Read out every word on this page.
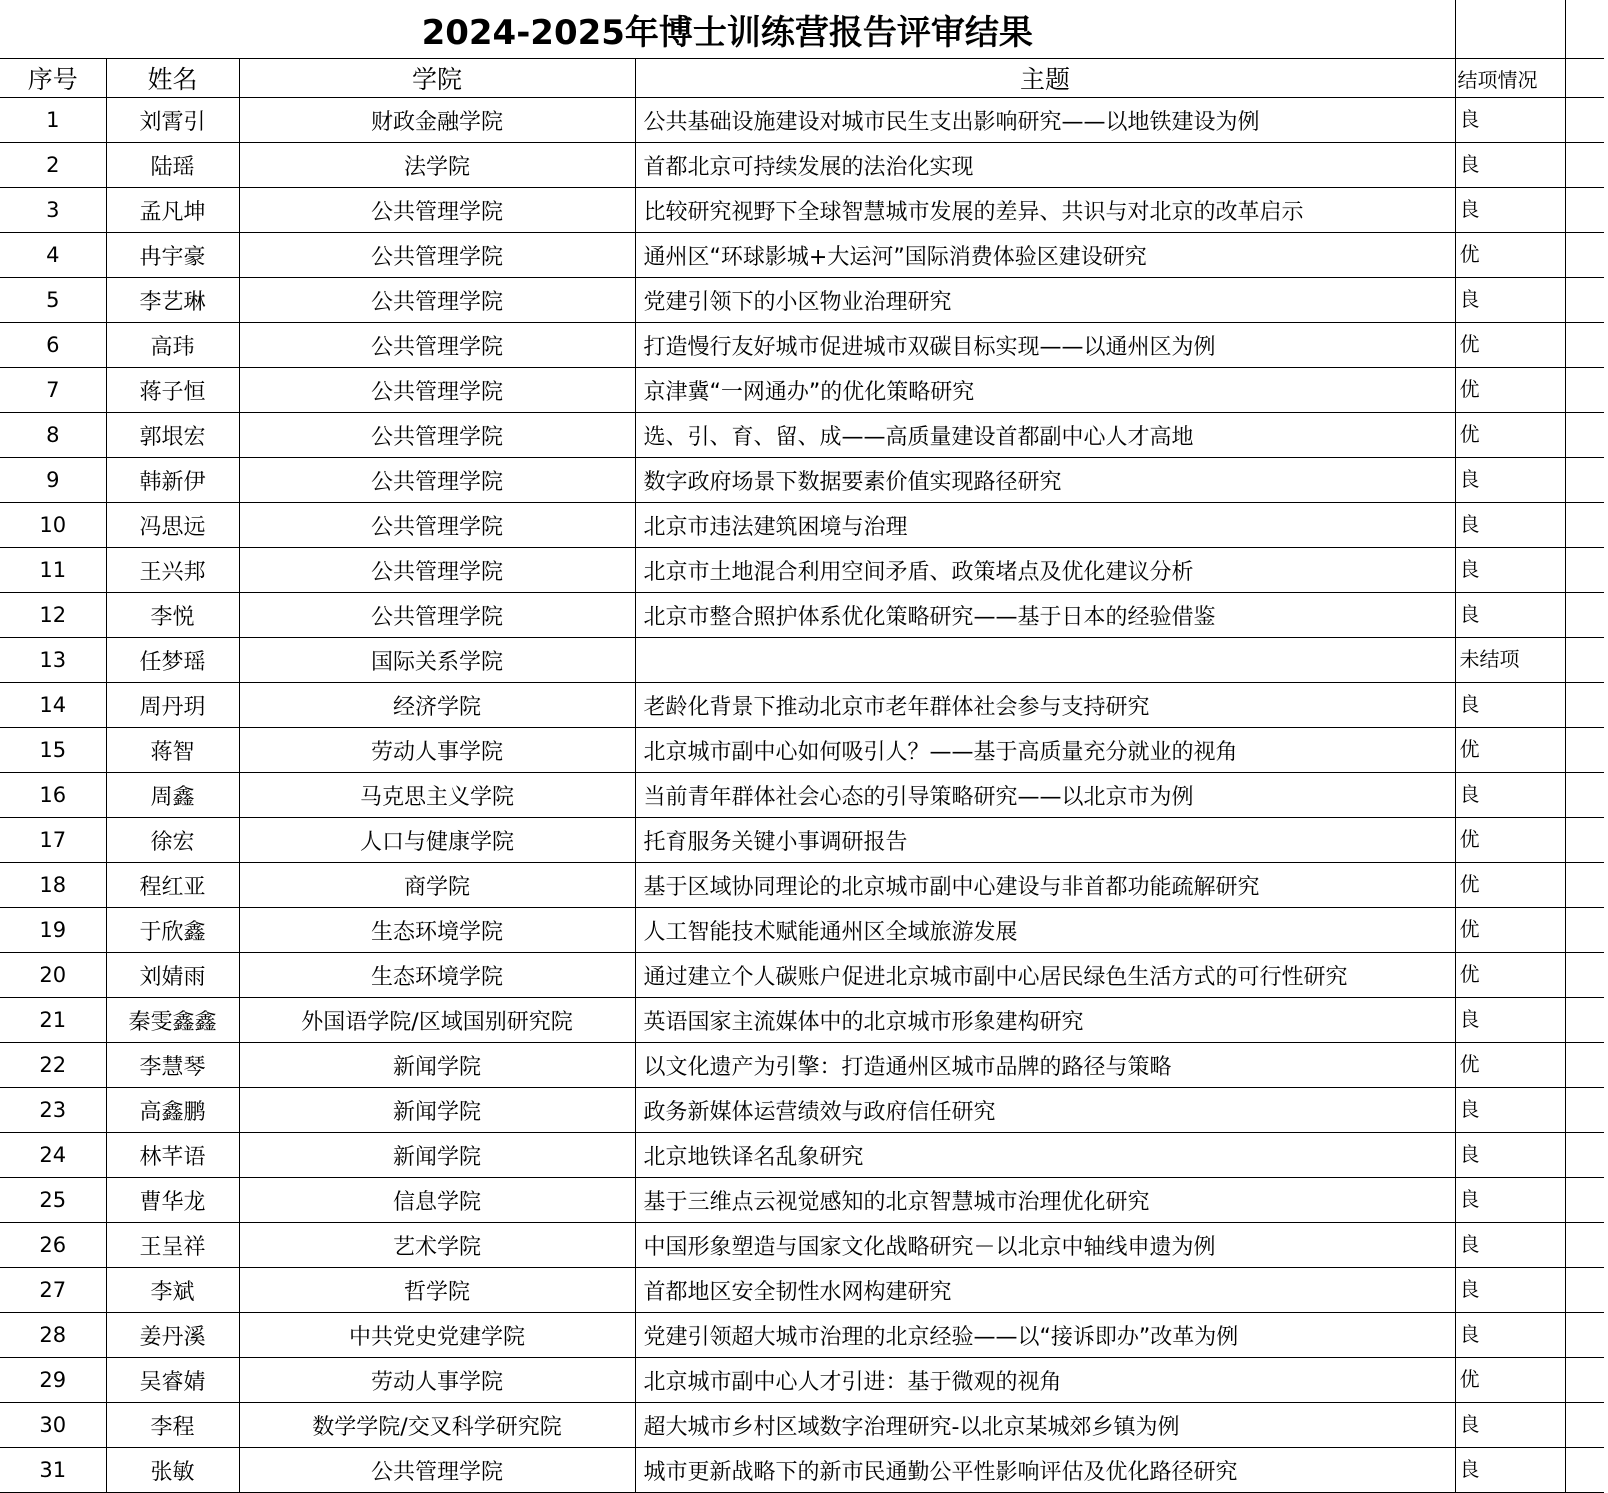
2024-2025年博士训练营报告评审结果					
序号	姓名	学院	主题	结项情况	
1	刘霄引	财政金融学院	公共基础设施建设对城市民生支出影响研究——以地铁建设为例	良	
2	陆瑶	法学院	首都北京可持续发展的法治化实现	良	
3	孟凡坤	公共管理学院	比较研究视野下全球智慧城市发展的差异、共识与对北京的改革启示	良	
4	冉宇豪	公共管理学院	通州区“环球影城+大运河”国际消费体验区建设研究	优	
5	李艺琳	公共管理学院	党建引领下的小区物业治理研究	良	
6	高玮	公共管理学院	打造慢行友好城市促进城市双碳目标实现——以通州区为例	优	
7	蒋子恒	公共管理学院	京津冀“一网通办”的优化策略研究	优	
8	郭垠宏	公共管理学院	选、引、育、留、成——高质量建设首都副中心人才高地	优	
9	韩新伊	公共管理学院	数字政府场景下数据要素价值实现路径研究	良	
10	冯思远	公共管理学院	北京市违法建筑困境与治理	良	
11	王兴邦	公共管理学院	北京市土地混合利用空间矛盾、政策堵点及优化建议分析	良	
12	李悦	公共管理学院	北京市整合照护体系优化策略研究——基于日本的经验借鉴	良	
13	任梦瑶	国际关系学院		未结项	
14	周丹玥	经济学院	老龄化背景下推动北京市老年群体社会参与支持研究	良	
15	蒋智	劳动人事学院	北京城市副中心如何吸引人？——基于高质量充分就业的视角	优	
16	周鑫	马克思主义学院	当前青年群体社会心态的引导策略研究——以北京市为例	良	
17	徐宏	人口与健康学院	托育服务关键小事调研报告	优	
18	程红亚	商学院	基于区域协同理论的北京城市副中心建设与非首都功能疏解研究	优	
19	于欣鑫	生态环境学院	人工智能技术赋能通州区全域旅游发展	优	
20	刘婧雨	生态环境学院	通过建立个人碳账户促进北京城市副中心居民绿色生活方式的可行性研究	优	
21	秦雯鑫鑫	外国语学院/区域国别研究院	英语国家主流媒体中的北京城市形象建构研究	良	
22	李慧琴	新闻学院	以文化遗产为引擎：打造通州区城市品牌的路径与策略	优	
23	高鑫鹏	新闻学院	政务新媒体运营绩效与政府信任研究	良	
24	林芊语	新闻学院	北京地铁译名乱象研究	良	
25	曹华龙	信息学院	基于三维点云视觉感知的北京智慧城市治理优化研究	良	
26	王呈祥	艺术学院	中国形象塑造与国家文化战略研究－以北京中轴线申遗为例	良	
27	李斌	哲学院	首都地区安全韧性水网构建研究	良	
28	姜丹溪	中共党史党建学院	党建引领超大城市治理的北京经验——以“接诉即办”改革为例	良	
29	吴睿婧	劳动人事学院	北京城市副中心人才引进：基于微观的视角	优	
30	李程	数学学院/交叉科学研究院	超大城市乡村区域数字治理研究-以北京某城郊乡镇为例	良	
31	张敏	公共管理学院	城市更新战略下的新市民通勤公平性影响评估及优化路径研究	良	
